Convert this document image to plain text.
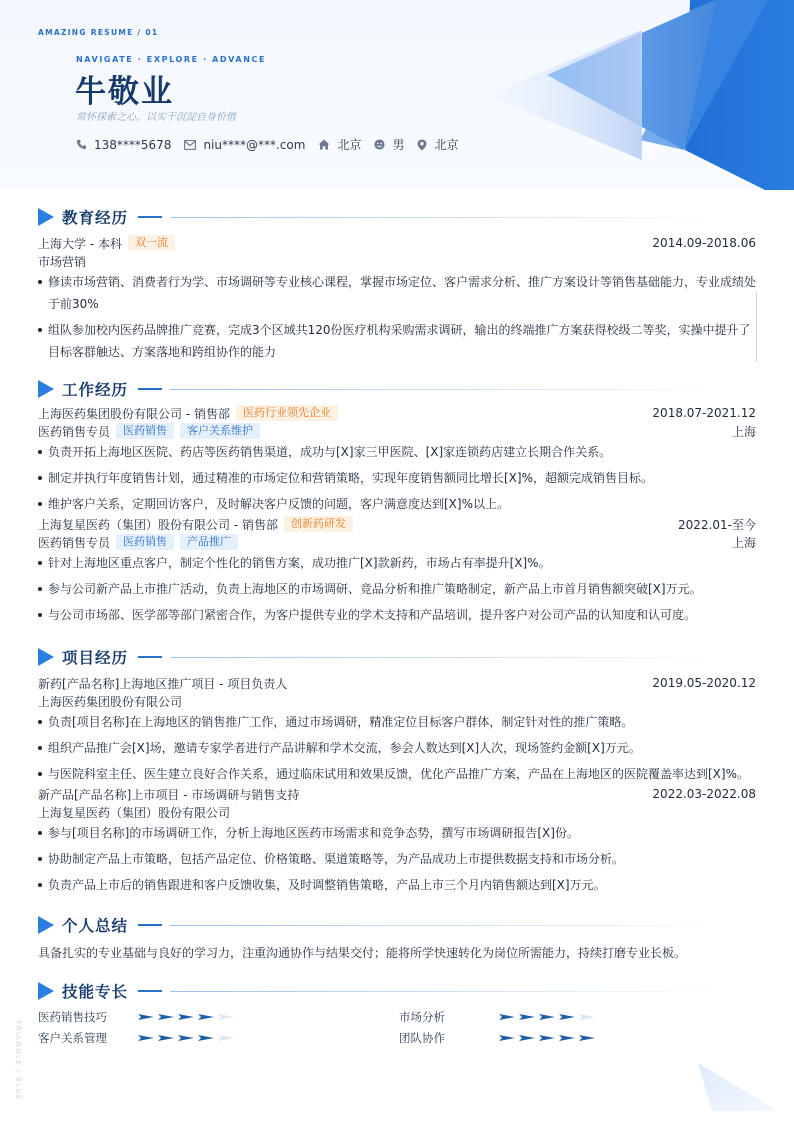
AMAZING RESUME / 01
NAVIGATE · EXPLORE · ADVANCE
牛敬业
常怀探索之心，以实干沉淀自身价值
138****5678	niu****@***.com	北京	男	北京
教育经历
上海大学 - 本科	双一流	2014.09-2018.06
市场营销
修读市场营销、消费者行为学、市场调研等专业核心课程，掌握市场定位、客户需求分析、推广方案设计等销售基础能力，专业成绩处于前30%
组队参加校内医药品牌推广竞赛，完成3个区域共120份医疗机构采购需求调研，输出的终端推广方案获得校级二等奖，实操中提升了目标客群触达、方案落地和跨组协作的能力
工作经历
上海医药集团股份有限公司 - 销售部	医药行业领先企业	2018.07-2021.12
医药销售专员	医药销售	客户关系维护	上海
负责开拓上海地区医院、药店等医药销售渠道，成功与[X]家三甲医院、[X]家连锁药店建立长期合作关系。
制定并执行年度销售计划，通过精准的市场定位和营销策略，实现年度销售额同比增长[X]%，超额完成销售目标。
维护客户关系，定期回访客户，及时解决客户反馈的问题，客户满意度达到[X]%以上。
上海复星医药（集团）股份有限公司 - 销售部	创新药研发	2022.01-至今
医药销售专员	医药销售	产品推广	上海
针对上海地区重点客户，制定个性化的销售方案，成功推广[X]款新药，市场占有率提升[X]%。
参与公司新产品上市推广活动，负责上海地区的市场调研、竞品分析和推广策略制定，新产品上市首月销售额突破[X]万元。
与公司市场部、医学部等部门紧密合作，为客户提供专业的学术支持和产品培训，提升客户对公司产品的认知度和认可度。
项目经历
新药[产品名称]上海地区推广项目 - 项目负责人	2019.05-2020.12
上海医药集团股份有限公司
负责[项目名称]在上海地区的销售推广工作，通过市场调研，精准定位目标客户群体，制定针对性的推广策略。
组织产品推广会[X]场，邀请专家学者进行产品讲解和学术交流，参会人数达到[X]人次，现场签约金额[X]万元。
与医院科室主任、医生建立良好合作关系，通过临床试用和效果反馈，优化产品推广方案，产品在上海地区的医院覆盖率达到[X]%。
新产品[产品名称]上市项目 - 市场调研与销售支持	2022.03-2022.08
上海复星医药（集团）股份有限公司
参与[项目名称]的市场调研工作，分析上海地区医药市场需求和竞争态势，撰写市场调研报告[X]份。
协助制定产品上市策略，包括产品定位、价格策略、渠道策略等，为产品成功上市提供数据支持和市场分析。
负责产品上市后的销售跟进和客户反馈收集，及时调整销售策略，产品上市三个月内销售额达到[X]万元。
个人总结
具备扎实的专业基础与良好的学习力，注重沟通协作与结果交付；能将所学快速转化为岗位所需能力，持续打磨专业长板。
技能专长
医药销售技巧	市场分析
客户关系管理	团队协作
TRIANGLE / BLUE
